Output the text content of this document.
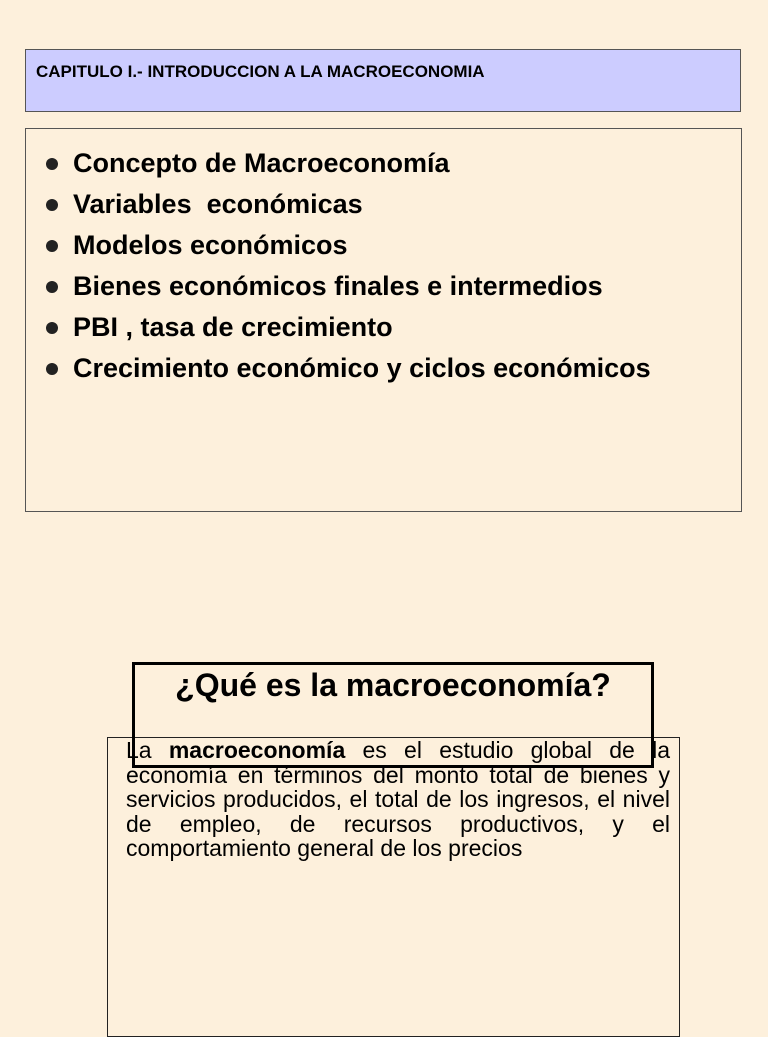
CAPITULO I.- INTRODUCCION A LA MACROECONOMIA
Concepto de Macroeconomía
Variables  económicas
Modelos económicos
Bienes económicos finales e intermedios
PBI , tasa de crecimiento
Crecimiento económico y ciclos económicos
La macroeconomía es el estudio global de la economía en términos del monto total de bienes y servicios producidos, el total de los ingresos, el nivel de empleo, de recursos productivos, y el comportamiento general de los precios
¿Qué es la macroeconomía?
